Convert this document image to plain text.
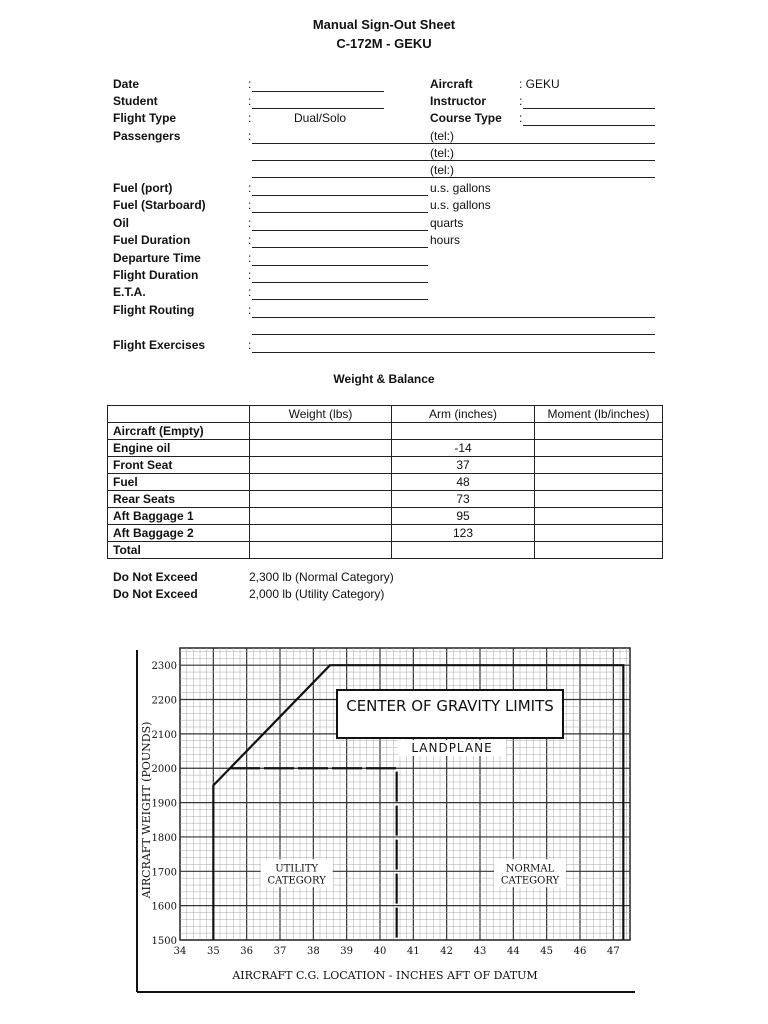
Manual Sign-Out Sheet
C-172M - GEKU
Date	:
Student	:
Flight Type	:	Dual/Solo
Passengers	:
Fuel (port)	:	u.s. gallons
Fuel (Starboard)	:	u.s. gallons
Oil	:	quarts
Fuel Duration	:	hours
Departure Time	:
Flight Duration	:
E.T.A.	:
Flight Routing	:
Flight Exercises	:
Aircraft	: GEKU
Instructor	:
Course Type :
(tel:)
(tel:)
(tel:)
Weight & Balance
	Weight (lbs)	Arm (inches)	Moment (lb/inches)
Aircraft (Empty)			
Engine oil		-14	
Front Seat		37	
Fuel		48	
Rear Seats		73	
Aft Baggage 1		95	
Aft Baggage 2		123	
Total			
Do Not Exceed	2,300 lb (Normal Category)
Do Not Exceed	2,000 lb (Utility Category)
UTILITY
CATEGORY
NORMAL
CATEGORY
34 35 36 37 38 39 40 41 42 43 44 45 46 47
1500
1600
1700
1800
1900
2000
2100
2200
2300
CENTER OF GRAVITY LIMITS
LANDPLANE
AIRCRAFT C.G. LOCATION - INCHES AFT OF DATUM
AIRCRAFT WEIGHT (POUNDS)
